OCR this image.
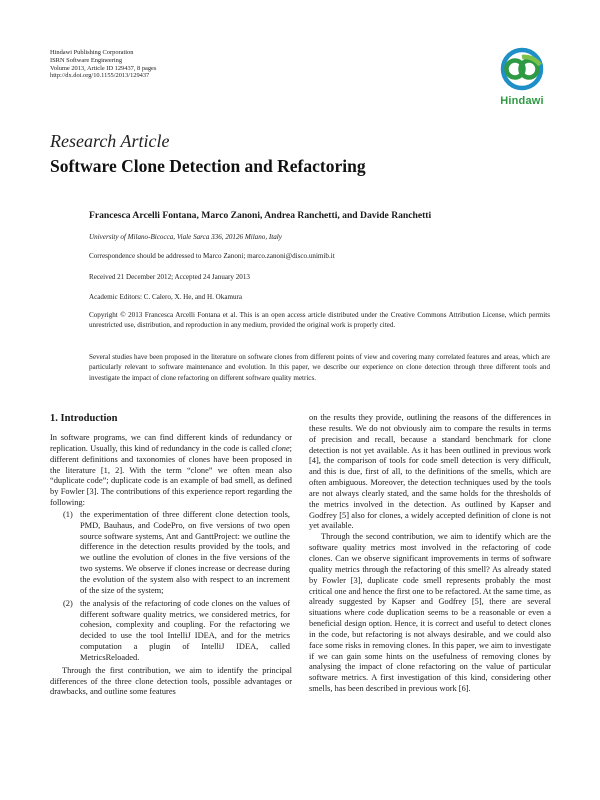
Hindawi Publishing Corporation
ISRN Software Engineering
Volume 2013, Article ID 129437, 8 pages
http://dx.doi.org/10.1155/2013/129437
Hindawi
Research Article
Software Clone Detection and Refactoring
Francesca Arcelli Fontana, Marco Zanoni, Andrea Ranchetti, and Davide Ranchetti
University of Milano-Bicocca, Viale Sarca 336, 20126 Milano, Italy
Correspondence should be addressed to Marco Zanoni; marco.zanoni@disco.unimib.it
Received 21 December 2012; Accepted 24 January 2013
Academic Editors: C. Calero, X. He, and H. Okamura
Copyright © 2013 Francesca Arcelli Fontana et al. This is an open access article distributed under the Creative Commons Attribution License, which permits unrestricted use, distribution, and reproduction in any medium, provided the original work is properly cited.
Several studies have been proposed in the literature on software clones from different points of view and covering many correlated features and areas, which are particularly relevant to software maintenance and evolution. In this paper, we describe our experience on clone detection through three different tools and investigate the impact of clone refactoring on different software quality metrics.
1. Introduction

In software programs, we can find different kinds of redundancy or replication. Usually, this kind of redundancy in the code is called clone; different definitions and taxonomies of clones have been proposed in the literature [1, 2]. With the term “clone” we often mean also “duplicate code”; duplicate code is an example of bad smell, as defined by Fowler [3]. The contributions of this experience report regarding the following:

(1) the experimentation of three different clone detection tools, PMD, Bauhaus, and CodePro, on five versions of two open source software systems, Ant and GanttProject: we outline the difference in the detection results provided by the tools, and we outline the evolution of clones in the five versions of the two systems. We observe if clones increase or decrease during the evolution of the system also with respect to an increment of the size of the system;
(2) the analysis of the refactoring of code clones on the values of different software quality metrics, we considered metrics, for cohesion, complexity and coupling. For the refactoring we decided to use the tool IntelliJ IDEA, and for the metrics computation a plugin of IntelliJ IDEA, called MetricsReloaded.

Through the first contribution, we aim to identify the principal differences of the three clone detection tools, possible advantages or drawbacks, and outline some features

on the results they provide, outlining the reasons of the differences in these results. We do not obviously aim to compare the results in terms of precision and recall, because a standard benchmark for clone detection is not yet available. As it has been outlined in previous work [4], the comparison of tools for code smell detection is very difficult, and this is due, first of all, to the definitions of the smells, which are often ambiguous. Moreover, the detection techniques used by the tools are not always clearly stated, and the same holds for the thresholds of the metrics involved in the detection. As outlined by Kapser and Godfrey [5] also for clones, a widely accepted definition of clone is not yet available.

Through the second contribution, we aim to identify which are the software quality metrics most involved in the refactoring of code clones. Can we observe significant improvements in terms of software quality metrics through the refactoring of this smell? As already stated by Fowler [3], duplicate code smell represents probably the most critical one and hence the first one to be refactored. At the same time, as already suggested by Kapser and Godfrey [5], there are several situations where code duplication seems to be a reasonable or even a beneficial design option. Hence, it is correct and useful to detect clones in the code, but refactoring is not always desirable, and we could also face some risks in removing clones. In this paper, we aim to investigate if we can gain some hints on the usefulness of removing clones by analysing the impact of clone refactoring on the value of particular software metrics. A first investigation of this kind, considering other smells, has been described in previous work [6].
